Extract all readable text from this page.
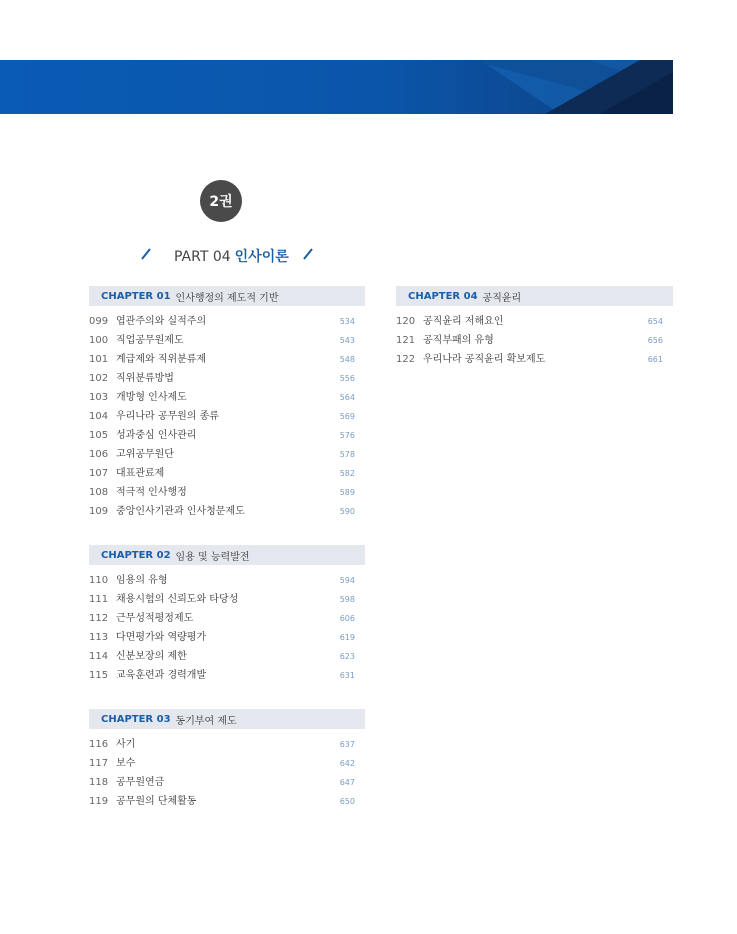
2권
PART 04 인사이론
CHAPTER 01 인사행정의 제도적 기반
099 엽관주의와 실적주의	534
100 직업공무원제도	543
101 계급제와 직위분류제	548
102 직위분류방법	556
103 개방형 인사제도	564
104 우리나라 공무원의 종류	569
105 성과중심 인사관리	576
106 고위공무원단	578
107 대표관료제	582
108 적극적 인사행정	589
109 중앙인사기관과 인사청문제도	590
CHAPTER 02 임용 및 능력발전
110 임용의 유형	594
111 채용시험의 신뢰도와 타당성	598
112 근무성적평정제도	606
113 다면평가와 역량평가	619
114 신분보장의 제한	623
115 교육훈련과 경력개발	631
CHAPTER 03 동기부여 제도
116 사기	637
117 보수	642
118 공무원연금	647
119 공무원의 단체활동	650
CHAPTER 04 공직윤리
120 공직윤리 저해요인	654
121 공직부패의 유형	656
122 우리나라 공직윤리 확보제도	661
